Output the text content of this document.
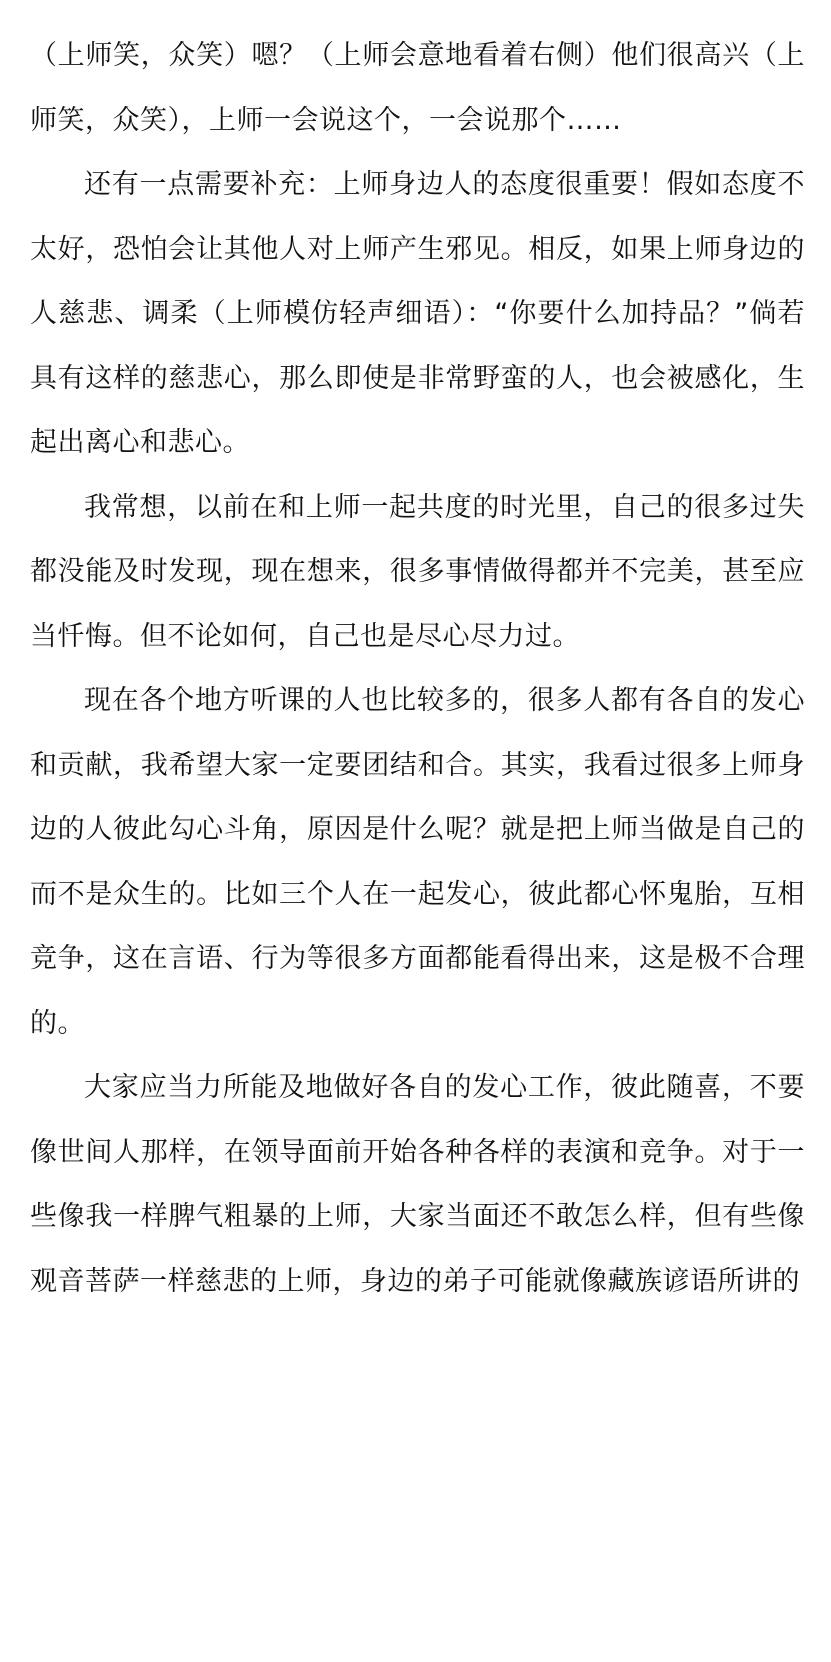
（上师笑，众笑）嗯？（上师会意地看着右侧）他们很高兴（上师笑，众笑），上师一会说这个，一会说那个……

还有一点需要补充：上师身边人的态度很重要！假如态度不太好，恐怕会让其他人对上师产生邪见。相反，如果上师身边的人慈悲、调柔（上师模仿轻声细语）：“你要什么加持品？”倘若具有这样的慈悲心，那么即使是非常野蛮的人，也会被感化，生起出离心和悲心。

我常想，以前在和上师一起共度的时光里，自己的很多过失都没能及时发现，现在想来，很多事情做得都并不完美，甚至应当忏悔。但不论如何，自己也是尽心尽力过。

现在各个地方听课的人也比较多的，很多人都有各自的发心和贡献，我希望大家一定要团结和合。其实，我看过很多上师身边的人彼此勾心斗角，原因是什么呢？就是把上师当做是自己的而不是众生的。比如三个人在一起发心，彼此都心怀鬼胎，互相竞争，这在言语、行为等很多方面都能看得出来，这是极不合理的。

大家应当力所能及地做好各自的发心工作，彼此随喜，不要像世间人那样，在领导面前开始各种各样的表演和竞争。对于一些像我一样脾气粗暴的上师，大家当面还不敢怎么样，但有些像观音菩萨一样慈悲的上师，身边的弟子可能就像藏族谚语所讲的
